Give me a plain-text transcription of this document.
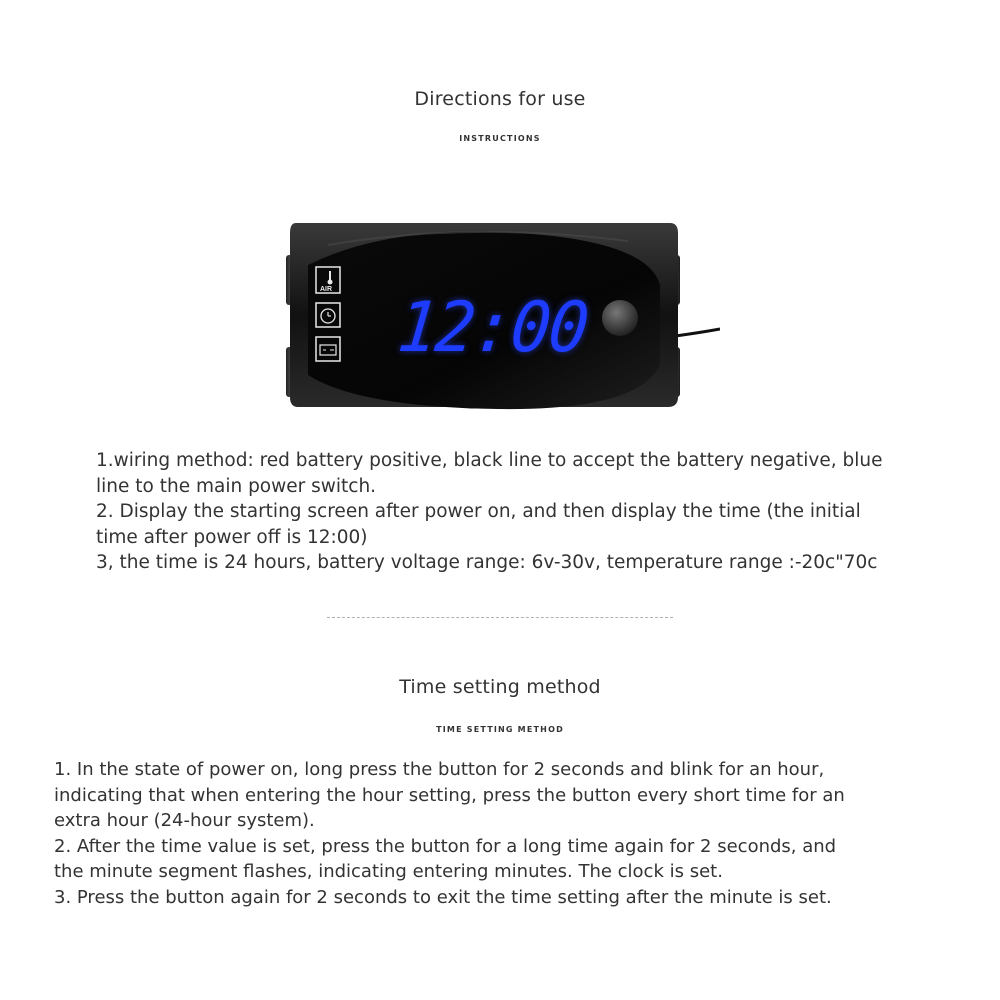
Directions for use
INSTRUCTIONS
AIR 12:00
1.wiring method: red battery positive, black line to accept the battery negative, blue
line to the main power switch.
2. Display the starting screen after power on, and then display the time (the initial
time after power off is 12:00)
3, the time is 24 hours, battery voltage range: 6v-30v, temperature range :-20c"70c
Time setting method
TIME SETTING METHOD
1. In the state of power on, long press the button for 2 seconds and blink for an hour,
indicating that when entering the hour setting, press the button every short time for an
extra hour (24-hour system).
2. After the time value is set, press the button for a long time again for 2 seconds, and
the minute segment flashes, indicating entering minutes. The clock is set.
3. Press the button again for 2 seconds to exit the time setting after the minute is set.
